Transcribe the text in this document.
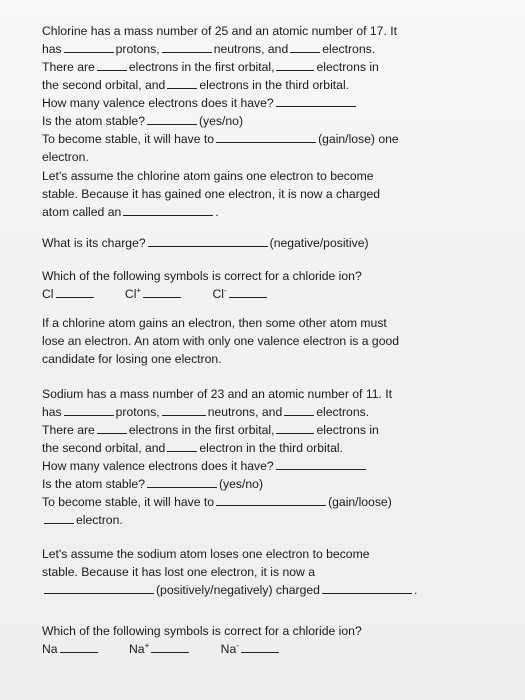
Chlorine has a mass number of 25 and an atomic number of 17. It

has	protons,	neutrons, and	electrons.

There are	electrons in the first orbital,	electrons in

the second orbital, and	electrons in the third orbital.

How many valence electrons does it have?

Is the atom stable?	(yes/no)

To become stable, it will have to	(gain/lose) one

electron.

Let's assume the chlorine atom gains one electron to become

stable. Because it has gained one electron, it is now a charged

atom called an	.

What is its charge?	(negative/positive)

Which of the following symbols is correct for a chloride ion?

Cl	Cl+	Cl-

If a chlorine atom gains an electron, then some other atom must

lose an electron. An atom with only one valence electron is a good

candidate for losing one electron.

Sodium has a mass number of 23 and an atomic number of 11. It

has	protons,	neutrons, and	electrons.

There are	electrons in the first orbital,	electrons in

the second orbital, and	electron in the third orbital.

How many valence electrons does it have?

Is the atom stable?	(yes/no)

To become stable, it will have to	(gain/loose)

electron.

Let's assume the sodium atom loses one electron to become

stable. Because it has lost one electron, it is now a

(positively/negatively) charged	.

Which of the following symbols is correct for a chloride ion?

Na	Na+	Na-
